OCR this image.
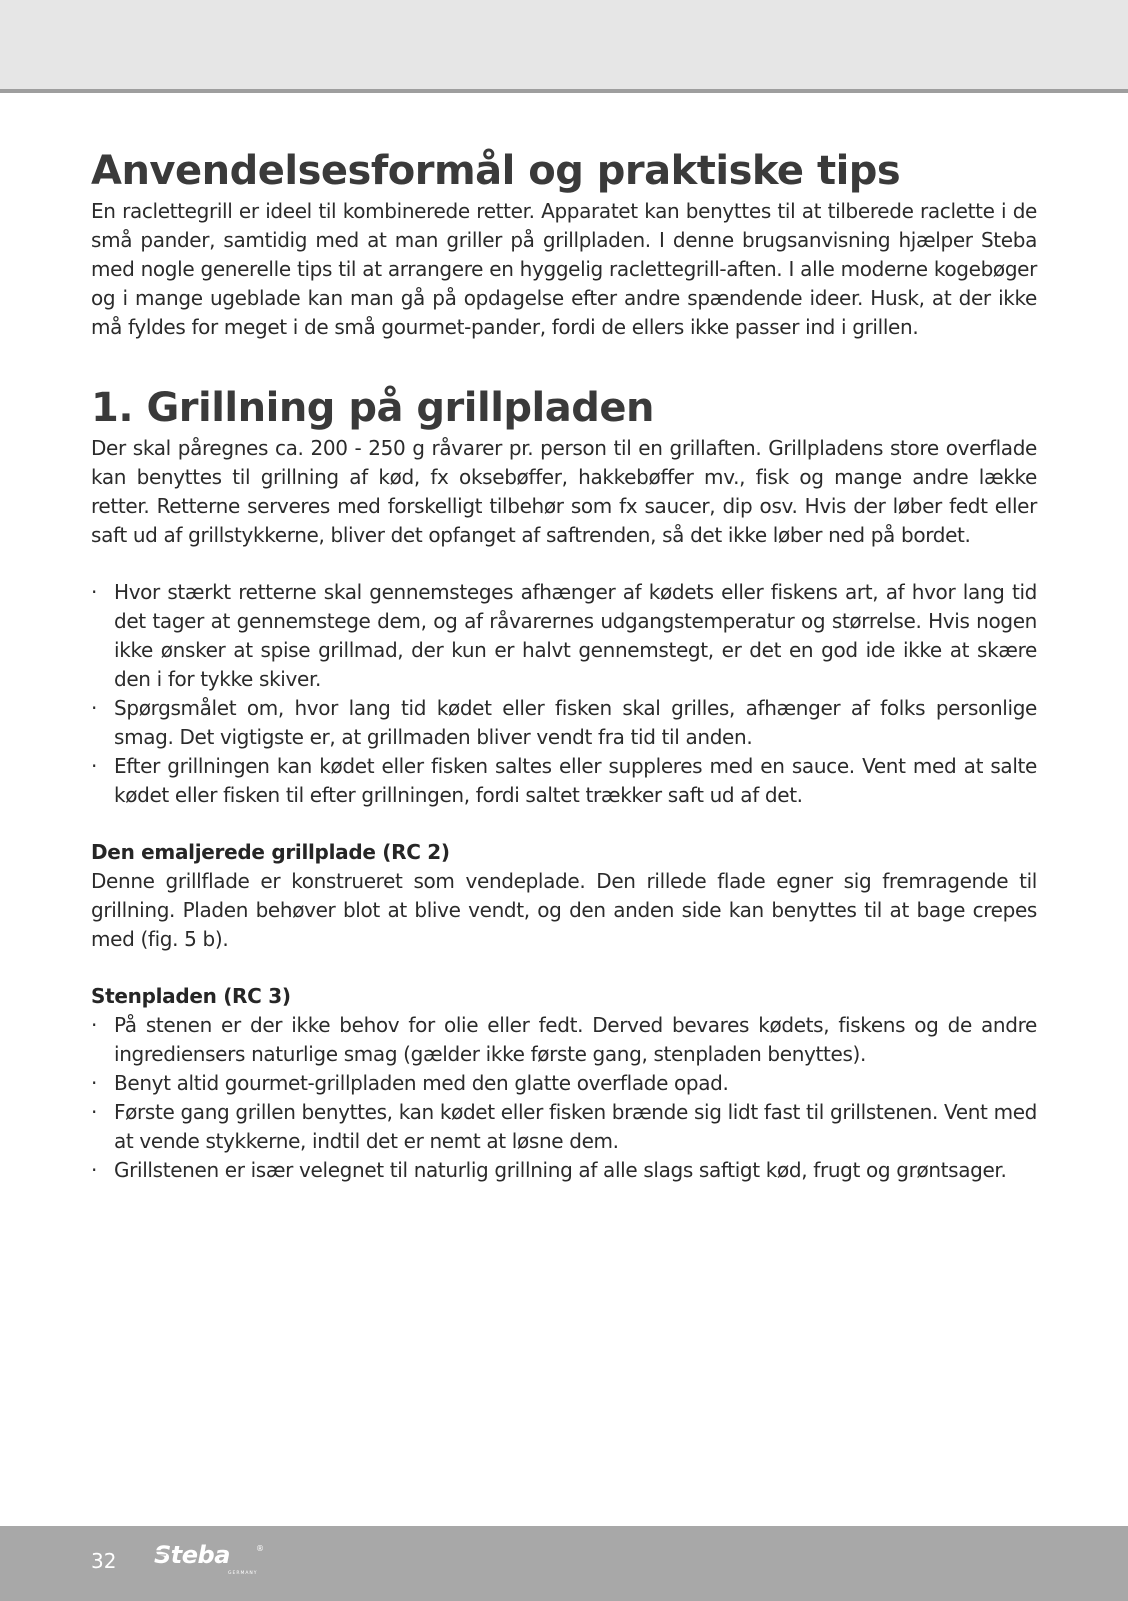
Anvendelsesformål og praktiske tips

En raclettegrill er ideel til kombinerede retter. Apparatet kan benyttes til at tilberede raclette i de små pander, samtidig med at man griller på grillpladen. I denne brugsanvisning hjælper Steba med nogle generelle tips til at arrangere en hyggelig raclettegrill-aften. I alle moderne kogebøger og i mange ugeblade kan man gå på opdagelse efter andre spændende ideer. Husk, at der ikke må fyldes for meget i de små gourmet-pander, fordi de ellers ikke passer ind i grillen.

1. Grillning på grillpladen

Der skal påregnes ca. 200 - 250 g råvarer pr. person til en grillaften. Grillpladens store overflade kan benyttes til grillning af kød, fx oksebøffer, hakkebøffer mv., fisk og mange andre lække retter. Retterne serveres med forskelligt tilbehør som fx saucer, dip osv. Hvis der løber fedt eller saft ud af grillstykkerne, bliver det opfanget af saftrenden, så det ikke løber ned på bordet.

· Hvor stærkt retterne skal gennemsteges afhænger af kødets eller fiskens art, af hvor lang tid det tager at gennemstege dem, og af råvarernes udgangstemperatur og størrelse. Hvis nogen ikke ønsker at spise grillmad, der kun er halvt gennemstegt, er det en god ide ikke at skære den i for tykke skiver.
· Spørgsmålet om, hvor lang tid kødet eller fisken skal grilles, afhænger af folks personlige smag. Det vigtigste er, at grillmaden bliver vendt fra tid til anden.
· Efter grillningen kan kødet eller fisken saltes eller suppleres med en sauce. Vent med at salte kødet eller fisken til efter grillningen, fordi saltet trækker saft ud af det.
Den emaljerede grillplade (RC 2)

Denne grillflade er konstrueret som vendeplade. Den rillede flade egner sig fremragende til grillning. Pladen behøver blot at blive vendt, og den anden side kan benyttes til at bage crepes med (fig. 5 b).

Stenpladen (RC 3)
· På stenen er der ikke behov for olie eller fedt. Derved bevares kødets, fiskens og de andre ingrediensers naturlige smag (gælder ikke første gang, stenpladen benyttes).
· Benyt altid gourmet-grillpladen med den glatte overflade opad.
· Første gang grillen benyttes, kan kødet eller fisken brænde sig lidt fast til grillstenen. Vent med at vende stykkerne, indtil det er nemt at løsne dem.
· Grillstenen er især velegnet til naturlig grillning af alle slags saftigt kød, frugt og grøntsager.
32 Steba	®
GERMANY
